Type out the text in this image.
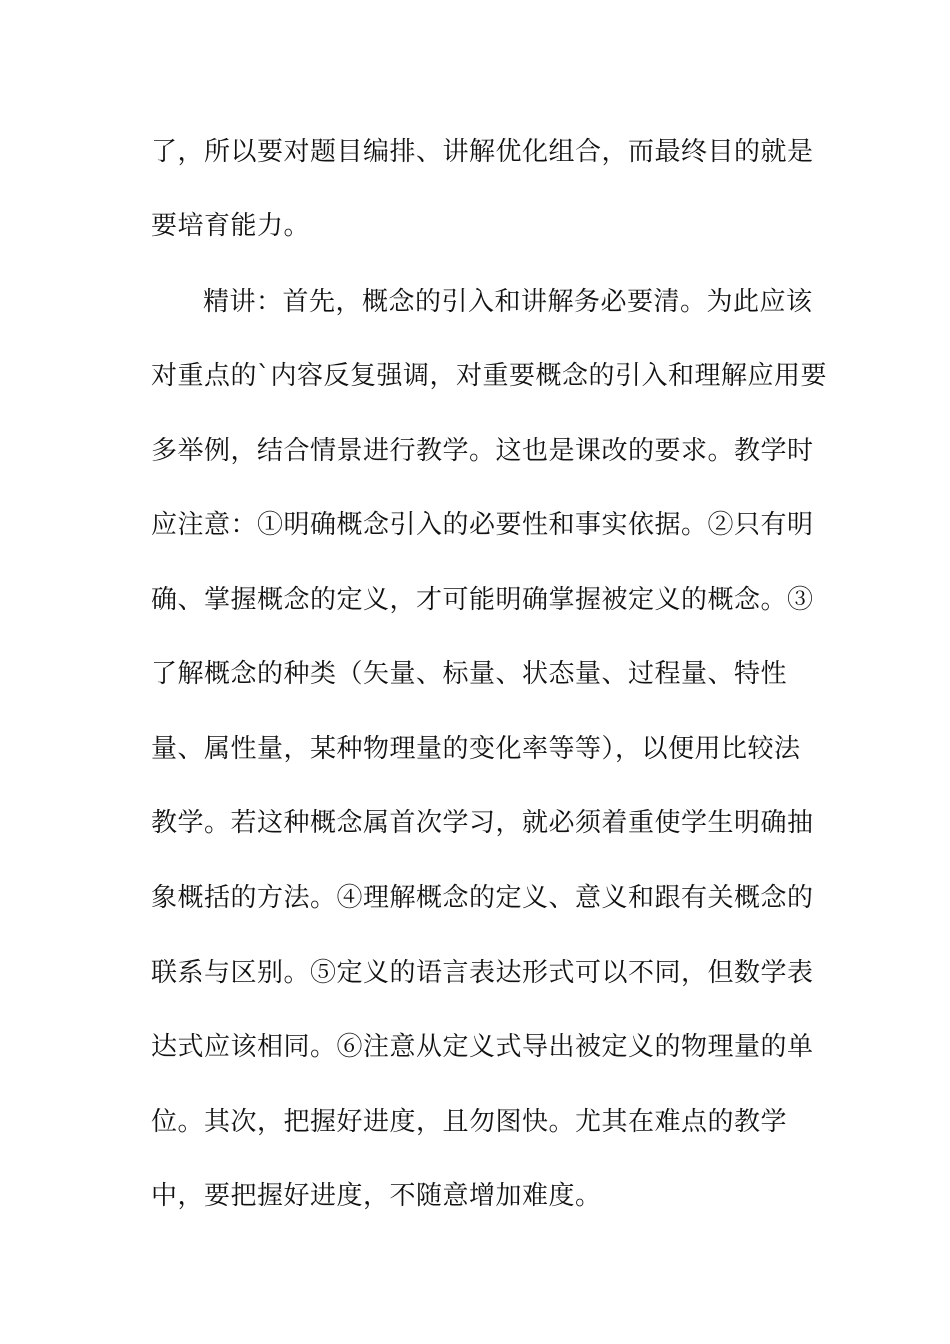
了，所以要对题目编排、讲解优化组合，而最终目的就是
要培育能力。
精讲：首先，概念的引入和讲解务必要清。为此应该
对重点的`内容反复强调，对重要概念的引入和理解应用要
多举例，结合情景进行教学。这也是课改的要求。教学时
应注意：①明确概念引入的必要性和事实依据。②只有明
确、掌握概念的定义，才可能明确掌握被定义的概念。③
了解概念的种类（矢量、标量、状态量、过程量、特性
量、属性量，某种物理量的变化率等等），以便用比较法
教学。若这种概念属首次学习，就必须着重使学生明确抽
象概括的方法。④理解概念的定义、意义和跟有关概念的
联系与区别。⑤定义的语言表达形式可以不同，但数学表
达式应该相同。⑥注意从定义式导出被定义的物理量的单
位。其次，把握好进度，且勿图快。尤其在难点的教学
中，要把握好进度，不随意增加难度。
